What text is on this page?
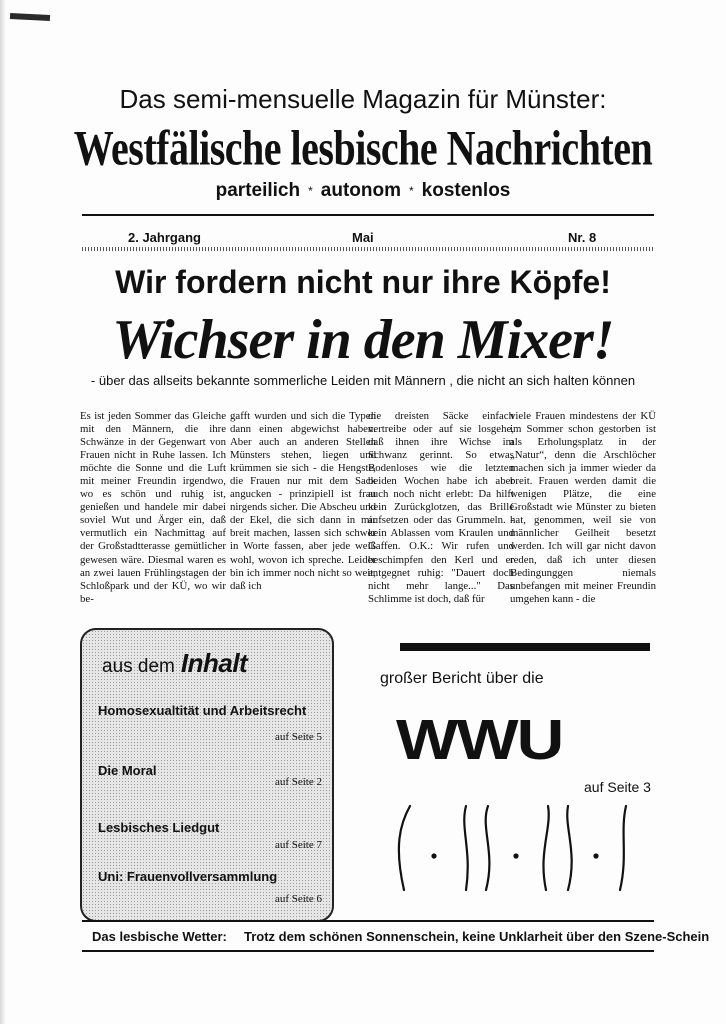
Das semi-mensuelle Magazin für Münster:
Westfälische lesbische Nachrichten
parteilich * autonom * kostenlos
2. Jahrgang	Mai	Nr. 8
Wir fordern nicht nur ihre Köpfe!
Wichser in den Mixer!
- über das allseits bekannte sommerliche Leiden mit Männern , die nicht an sich halten können

Es ist jeden Sommer das Gleiche mit den Männern, die ihre Schwänze in der Gegenwart von Frauen nicht in Ruhe lassen. Ich möchte die Sonne und die Luft mit meiner Freundin irgendwo, wo es schön und ruhig ist, genießen und handele mir dabei soviel Wut und Ärger ein, daß vermutlich ein Nachmittag auf der Großstadtterasse gemütlicher gewesen wäre. Diesmal waren es an zwei lauen Frühlingstagen der Schloßpark und der KÜ, wo wir be-

gafft wurden und sich die Typen dann einen abgewichst haben. Aber auch an anderen Stellen Münsters stehen, liegen und krümmen sie sich - die Hengste, die Frauen nur mit dem Sack angucken - prinzipiell ist frau nirgends sicher. Die Abscheu und der Ekel, die sich dann in mir breit machen, lassen sich schwer in Worte fassen, aber jede weiß wohl, wovon ich spreche. Leider bin ich immer noch nicht so weit, daß ich

die dreisten Säcke einfach vertreibe oder auf sie losgehe, daß ihnen ihre Wichse im Schwanz gerinnt. So etwas Bodenloses wie die letzten beiden Wochen habe ich aber auch noch nicht erlebt: Da hilft kein Zurückglotzen, das Brille aufsetzen oder das Grummeln. - kein Ablassen vom Kraulen und Gaffen. O.K.: Wir rufen und beschimpfen den Kerl und er entgegnet ruhig: "Dauert doch nicht mehr lange..." Das Schlimme ist doch, daß für

viele Frauen mindestens der KÜ im Sommer schon gestorben ist als Erholungsplatz in der „Natur“, denn die Arschlöcher machen sich ja immer wieder da breit. Frauen werden damit die wenigen Plätze, die eine Großstadt wie Münster zu bieten hat, genommen, weil sie von männlicher Geilheit besetzt werden. Ich will gar nicht davon reden, daß ich unter diesen Bedingunggen niemals unbefangen mit meiner Freundin umgehen kann - die

aus dem Inhalt
Homosexualtität und Arbeitsrecht
auf Seite 5
Die Moral
auf Seite 2
Lesbisches Liedgut
auf Seite 7
Uni: Frauenvollversammlung
auf Seite 6
großer Bericht über die
WWU
auf Seite 3
Das lesbische Wetter: Trotz dem schönen Sonnenschein, keine Unklarheit über den Szene-Schein
